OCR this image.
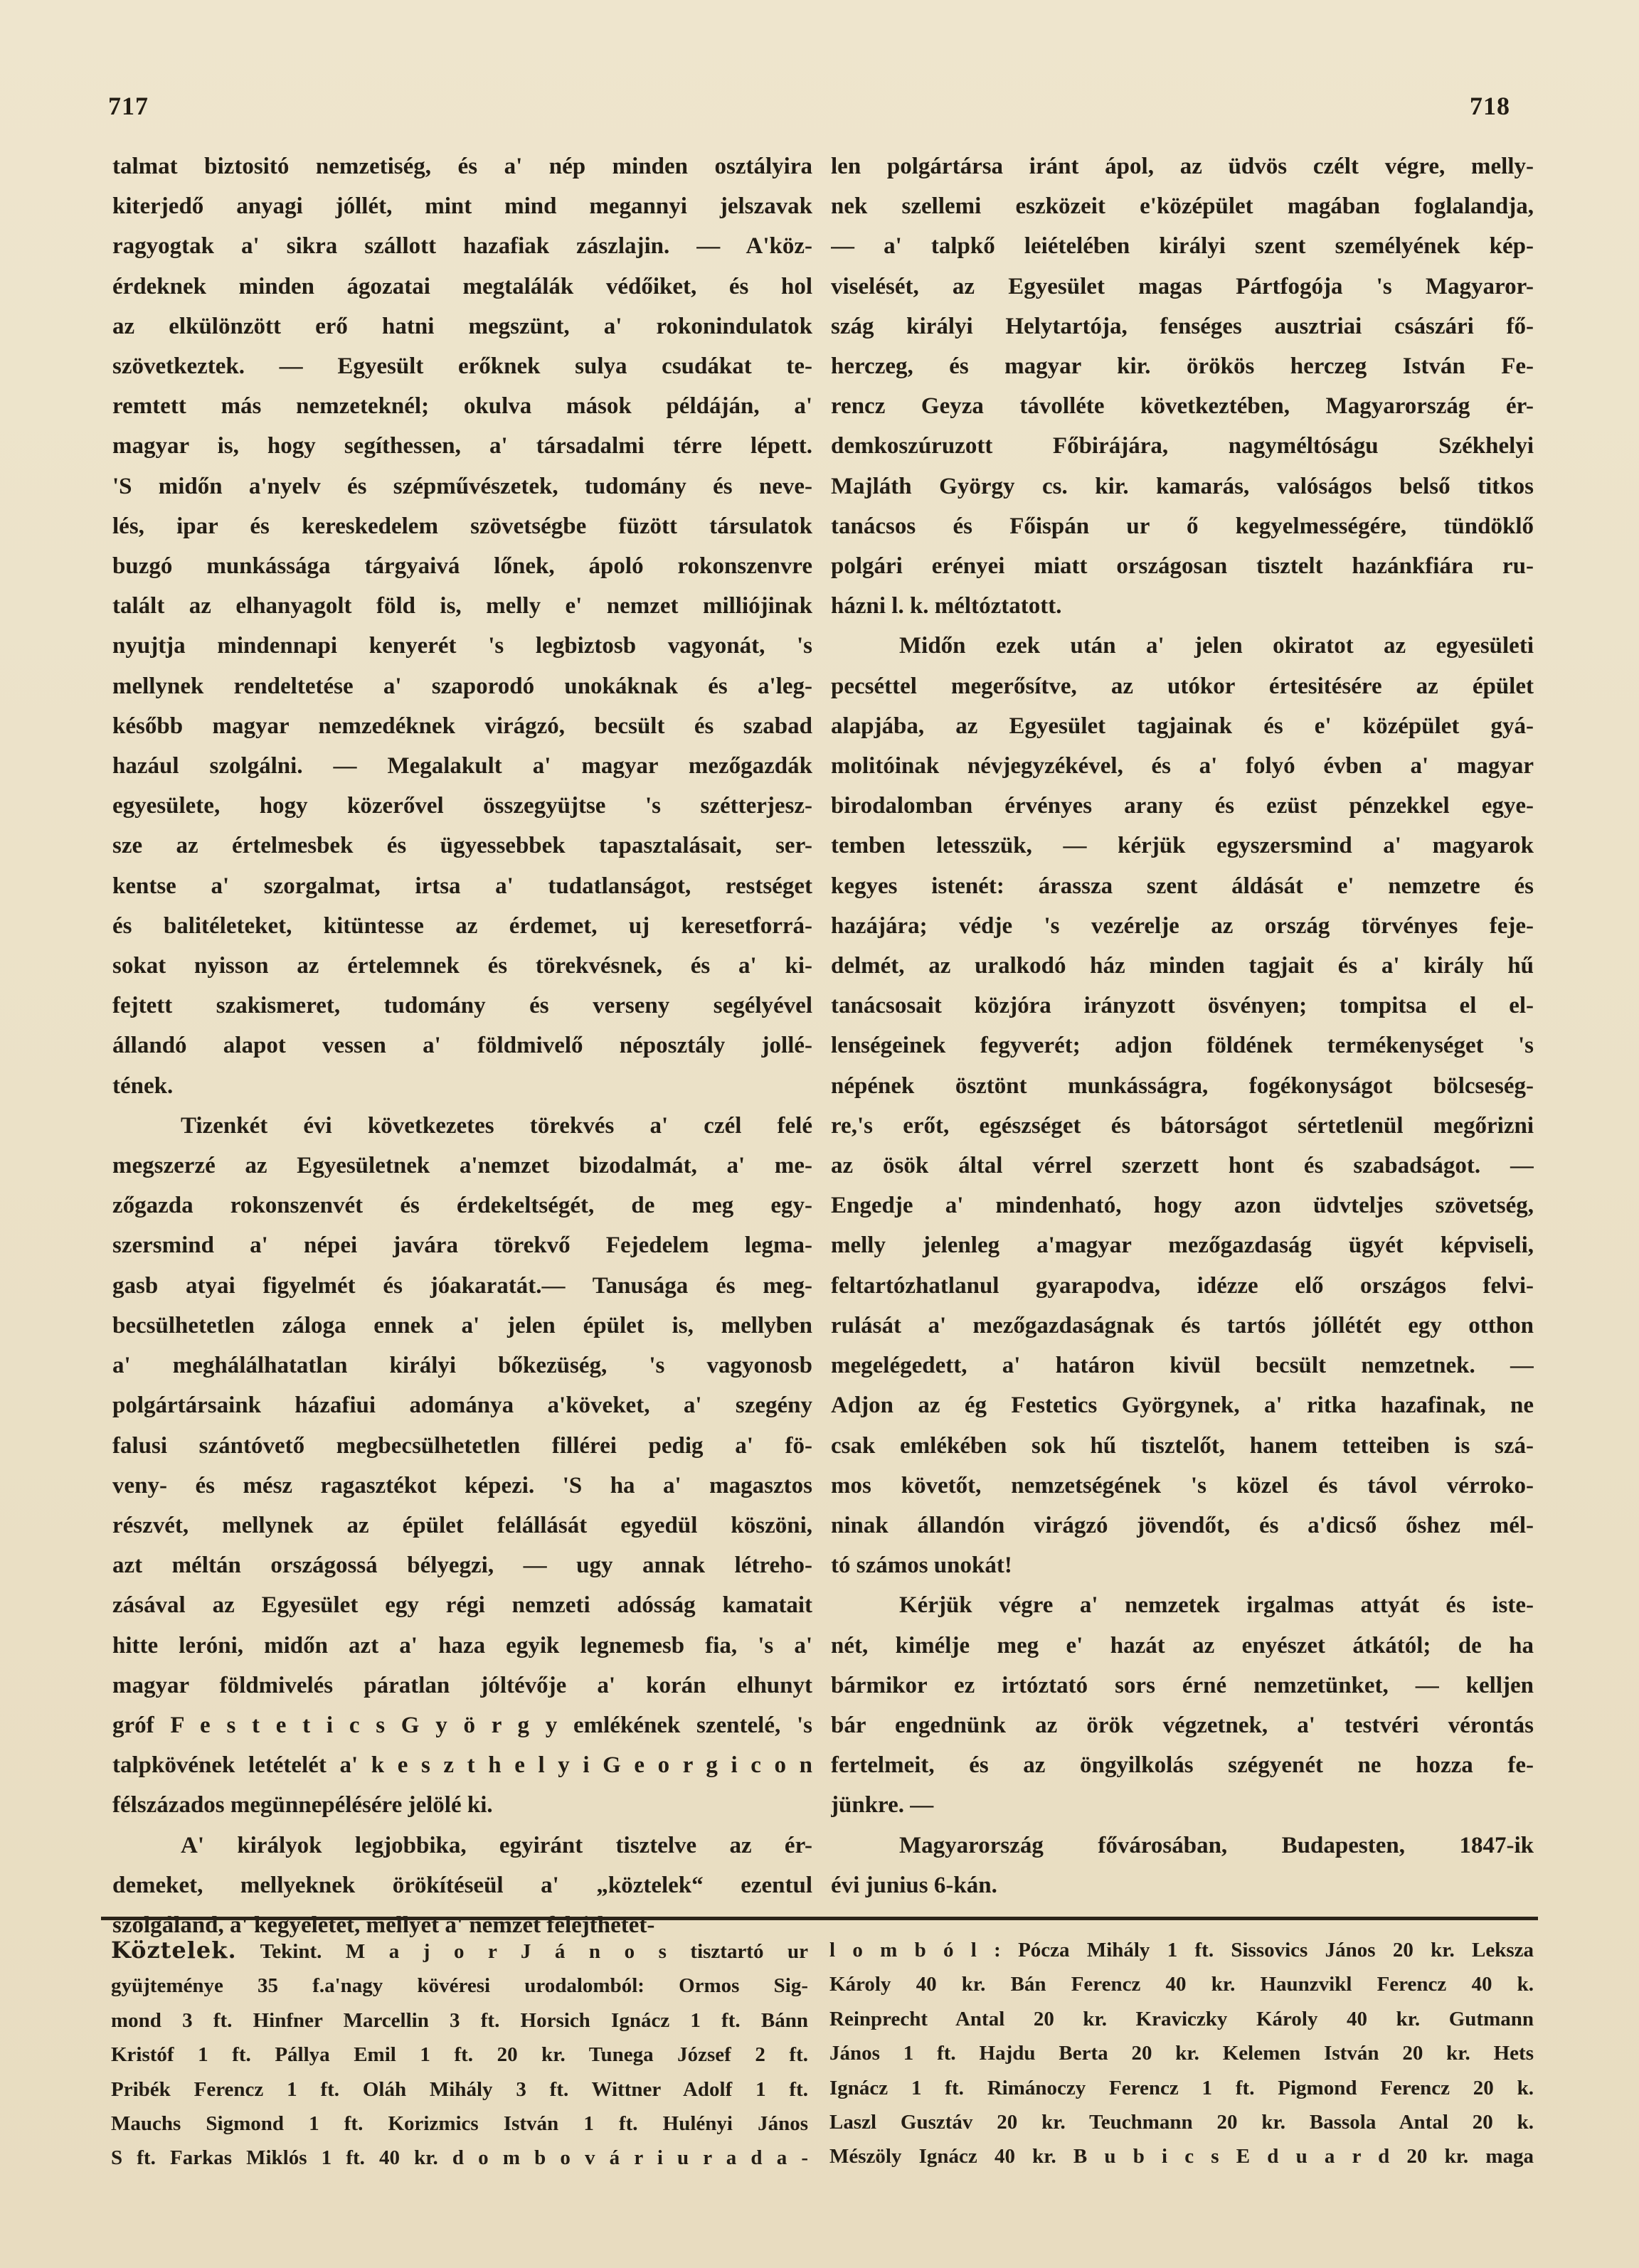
717	718
talmat biztositó nemzetiség, és a' nép minden osztályira
kiterjedő anyagi jóllét, mint mind megannyi jelszavak
ragyogtak a' sikra szállott hazafiak zászlajin. — A'köz-
érdeknek minden ágozatai megtalálák védőiket, és hol
az elkülönzött erő hatni megszünt, a' rokonindulatok
szövetkeztek. — Egyesült erőknek sulya csudákat te-
remtett más nemzeteknél; okulva mások példáján, a'
magyar is, hogy segíthessen, a' társadalmi térre lépett.
'S midőn a'nyelv és szépművészetek, tudomány és neve-
lés, ipar és kereskedelem szövetségbe füzött társulatok
buzgó munkássága tárgyaivá lőnek, ápoló rokonszenvre
talált az elhanyagolt föld is, melly e' nemzet milliójinak
nyujtja mindennapi kenyerét 's legbiztosb vagyonát, 's
mellynek rendeltetése a' szaporodó unokáknak és a'leg-
később magyar nemzedéknek virágzó, becsült és szabad
hazául szolgálni. — Megalakult a' magyar mezőgazdák
egyesülete, hogy közerővel összegyüjtse 's szétterjesz-
sze az értelmesbek és ügyessebbek tapasztalásait, ser-
kentse a' szorgalmat, irtsa a' tudatlanságot, restséget
és balitéleteket, kitüntesse az érdemet, uj keresetforrá-
sokat nyisson az értelemnek és törekvésnek, és a' ki-
fejtett szakismeret, tudomány és verseny segélyével
állandó alapot vessen a' földmivelő néposztály jollé-
tének.
Tizenkét évi következetes törekvés a' czél felé
megszerzé az Egyesületnek a'nemzet bizodalmát, a' me-
zőgazda rokonszenvét és érdekeltségét, de meg egy-
szersmind a' népei javára törekvő Fejedelem legma-
gasb atyai figyelmét és jóakaratát.— Tanusága és meg-
becsülhetetlen záloga ennek a' jelen épület is, mellyben
a' meghálálhatatlan királyi bőkezüség, 's vagyonosb
polgártársaink házafiui adománya a'köveket, a' szegény
falusi szántóvető megbecsülhetetlen fillérei pedig a' fö-
veny- és mész ragasztékot képezi. 'S ha a' magasztos
részvét, mellynek az épület felállását egyedül köszöni,
azt méltán országossá bélyegzi, — ugy annak létreho-
zásával az Egyesület egy régi nemzeti adósság kamatait
hitte leróni, midőn azt a' haza egyik legnemesb fia, 's a'
magyar földmivelés páratlan jóltévője a' korán elhunyt
gróf F e s t e t i c s G y ö r g y emlékének szentelé, 's
talpkövének letételét a' k e s z t h e l y i G e o r g i c o n
félszázados megünnepélésére jelölé ki.
A' királyok legjobbika, egyiránt tisztelve az ér-
demeket, mellyeknek örökítéseül a' „köztelek“ ezentul
szolgáland, a' kegyeletet, mellyet a' nemzet felejthetet-
len polgártársa iránt ápol, az üdvös czélt végre, melly-
nek szellemi eszközeit e'középület magában foglalandja,
— a' talpkő leiételében királyi szent személyének kép-
viselését, az Egyesület magas Pártfogója 's Magyaror-
szág királyi Helytartója, fenséges ausztriai császári fő-
herczeg, és magyar kir. örökös herczeg István Fe-
rencz Geyza távolléte következtében, Magyarország ér-
demkoszúruzott Főbirájára, nagyméltóságu Székhelyi
Majláth György cs. kir. kamarás, valóságos belső titkos
tanácsos és Főispán ur ő kegyelmességére, tündöklő
polgári erényei miatt országosan tisztelt hazánkfiára ru-
házni l. k. méltóztatott.
Midőn ezek után a' jelen okiratot az egyesületi
pecséttel megerősítve, az utókor értesitésére az épület
alapjába, az Egyesület tagjainak és e' középület gyá-
molitóinak névjegyzékével, és a' folyó évben a' magyar
birodalomban érvényes arany és ezüst pénzekkel egye-
temben letesszük, — kérjük egyszersmind a' magyarok
kegyes istenét: árassza szent áldását e' nemzetre és
hazájára; védje 's vezérelje az ország törvényes feje-
delmét, az uralkodó ház minden tagjait és a' király hű
tanácsosait közjóra irányzott ösvényen; tompitsa el el-
lenségeinek fegyverét; adjon földének termékenységet 's
népének ösztönt munkásságra, fogékonyságot bölcseség-
re,'s erőt, egészséget és bátorságot sértetlenül megőrizni
az ösök által vérrel szerzett hont és szabadságot. —
Engedje a' mindenható, hogy azon üdvteljes szövetség,
melly jelenleg a'magyar mezőgazdaság ügyét képviseli,
feltartózhatlanul gyarapodva, idézze elő országos felvi-
rulását a' mezőgazdaságnak és tartós jóllétét egy otthon
megelégedett, a' határon kivül becsült nemzetnek. —
Adjon az ég Festetics Györgynek, a' ritka hazafinak, ne
csak emlékében sok hű tisztelőt, hanem tetteiben is szá-
mos követőt, nemzetségének 's közel és távol vérroko-
ninak állandón virágzó jövendőt, és a'dicső őshez mél-
tó számos unokát!
Kérjük végre a' nemzetek irgalmas attyát és iste-
nét, kimélje meg e' hazát az enyészet átkától; de ha
bármikor ez irtóztató sors érné nemzetünket, — kelljen
bár engednünk az örök végzetnek, a' testvéri vérontás
fertelmeit, és az öngyilkolás szégyenét ne hozza fe-
jünkre. —
Magyarország fővárosában, Budapesten, 1847-ik
évi junius 6-kán.
Köztelek. Tekint. M a j o r J á n o s tisztartó ur
gyüjteménye 35 f.a'nagy kövéresi urodalomból: Ormos Sig-
mond 3 ft. Hinfner Marcellin 3 ft. Horsich Ignácz 1 ft. Bánn
Kristóf 1 ft. Pállya Emil 1 ft. 20 kr. Tunega József 2 ft.
Pribék Ferencz 1 ft. Oláh Mihály 3 ft. Wittner Adolf 1 ft.
Mauchs Sigmond 1 ft. Korizmics István 1 ft. Hulényi János
S ft. Farkas Miklós 1 ft. 40 kr. d o m b o v á r i u r a d a -
l o m b ó l : Pócza Mihály 1 ft. Sissovics János 20 kr. Leksza
Károly 40 kr. Bán Ferencz 40 kr. Haunzvikl Ferencz 40 k.
Reinprecht Antal 20 kr. Kraviczky Károly 40 kr. Gutmann
János 1 ft. Hajdu Berta 20 kr. Kelemen István 20 kr. Hets
Ignácz 1 ft. Rimánoczy Ferencz 1 ft. Pigmond Ferencz 20 k.
Laszl Gusztáv 20 kr. Teuchmann 20 kr. Bassola Antal 20 k.
Mészöly Ignácz 40 kr. B u b i c s E d u a r d 20 kr. maga
